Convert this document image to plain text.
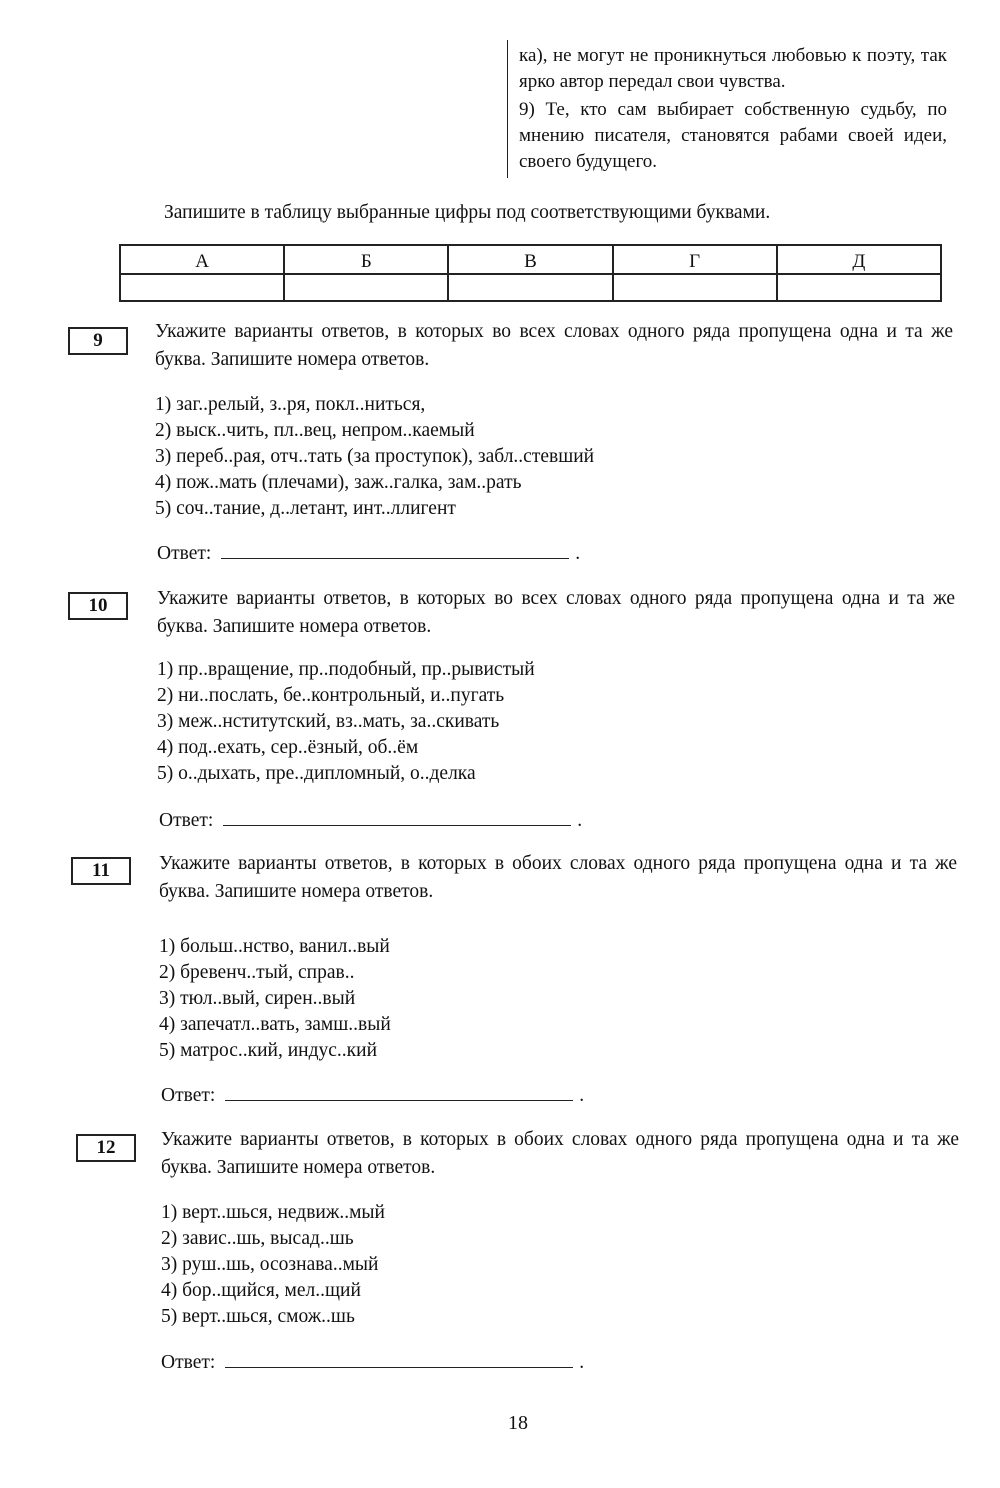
ка), не могут не проникнуться любовью к поэту, так ярко автор передал свои чувства.

9) Те, кто сам выбирает собственную судьбу, по мнению писателя, становятся рабами своей идеи, своего будущего.

Запишите в таблицу выбранные цифры под соответствующими буквами.
А	Б	В	Г	Д

9	Укажите варианты ответов, в которых во всех словах одного ряда пропущена одна и та же буква. Запишите номера ответов.
1) заг..релый, з..ря, покл..ниться,
2) выск..чить, пл..вец, непром..каемый
3) переб..рая, отч..тать (за проступок), забл..стевший
4) пож..мать (плечами), заж..галка, зам..рать
5) соч..тание, д..летант, инт..ллигент
Ответ:	.
10	Укажите варианты ответов, в которых во всех словах одного ряда пропущена одна и та же буква. Запишите номера ответов.
1) пр..вращение, пр..подобный, пр..рывистый
2) ни..послать, бе..контрольный, и..пугать
3) меж..нститутский, вз..мать, за..скивать
4) под..ехать, сер..ёзный, об..ём
5) о..дыхать, пре..дипломный, о..делка
Ответ:	.
11	Укажите варианты ответов, в которых в обоих словах одного ряда пропущена одна и та же буква. Запишите номера ответов.
1) больш..нство, ванил..вый
2) бревенч..тый, справ..
3) тюл..вый, сирен..вый
4) запечатл..вать, замш..вый
5) матрос..кий, индус..кий
Ответ:	.
12	Укажите варианты ответов, в которых в обоих словах одного ряда пропущена одна и та же буква. Запишите номера ответов.
1) верт..шься, недвиж..мый
2) завис..шь, высад..шь
3) руш..шь, осознава..мый
4) бор..щийся, мел..щий
5) верт..шься, смож..шь
Ответ:	.
18
